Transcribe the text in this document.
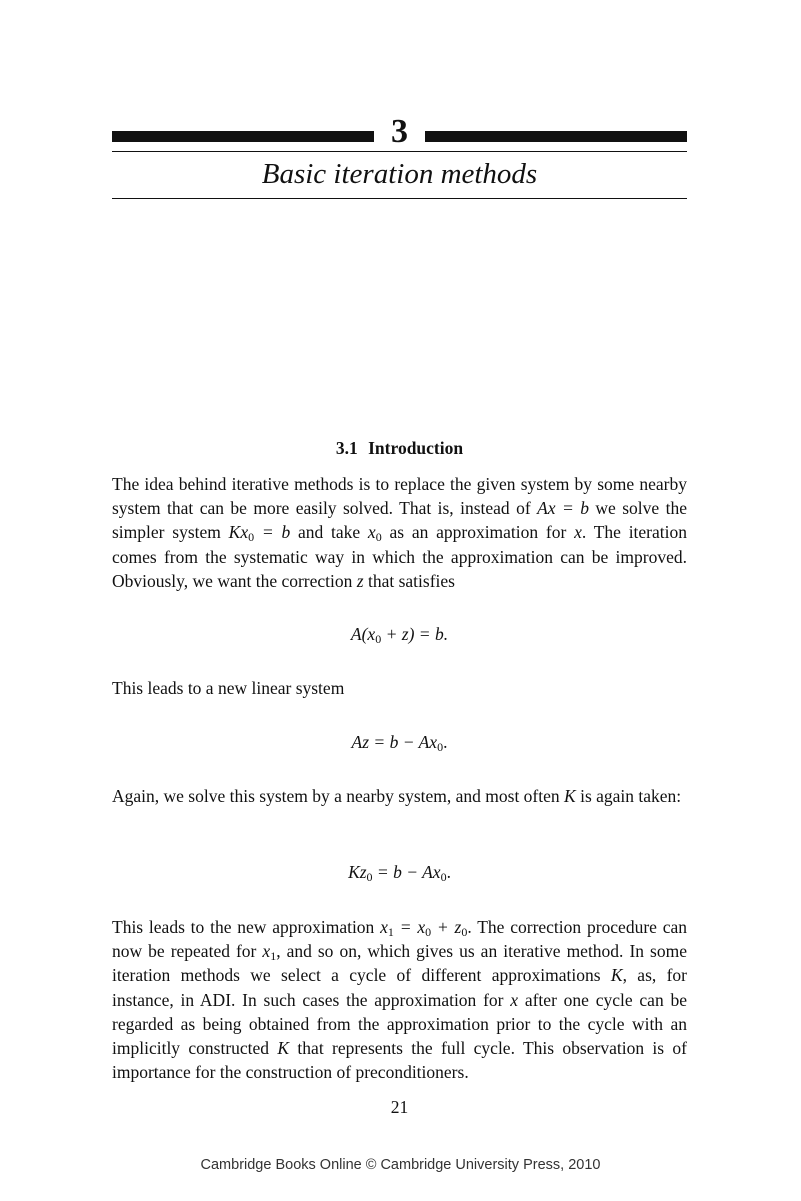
3
Basic iteration methods
3.1 Introduction

The idea behind iterative methods is to replace the given system by some nearby system that can be more easily solved. That is, instead of Ax = b we solve the simpler system $Kx_0 = b$ and take $x_0$ as an approximation for x. The iteration comes from the systematic way in which the approximation can be improved. Obviously, we want the correction z that satisfies

$A(x_0 + z) = b$.

This leads to a new linear system

$Az = b - Ax_0$.

Again, we solve this system by a nearby system, and most often K is again taken:

$Kz_0 = b - Ax_0$.

This leads to the new approximation $x_1 = x_0 + z_0$. The correction procedure can now be repeated for $x_1$, and so on, which gives us an iterative method. In some iteration methods we select a cycle of different approximations K, as, for instance, in ADI. In such cases the approximation for x after one cycle can be regarded as being obtained from the approximation prior to the cycle with an implicitly constructed K that represents the full cycle. This observation is of importance for the construction of preconditioners.

21
Cambridge Books Online © Cambridge University Press, 2010
